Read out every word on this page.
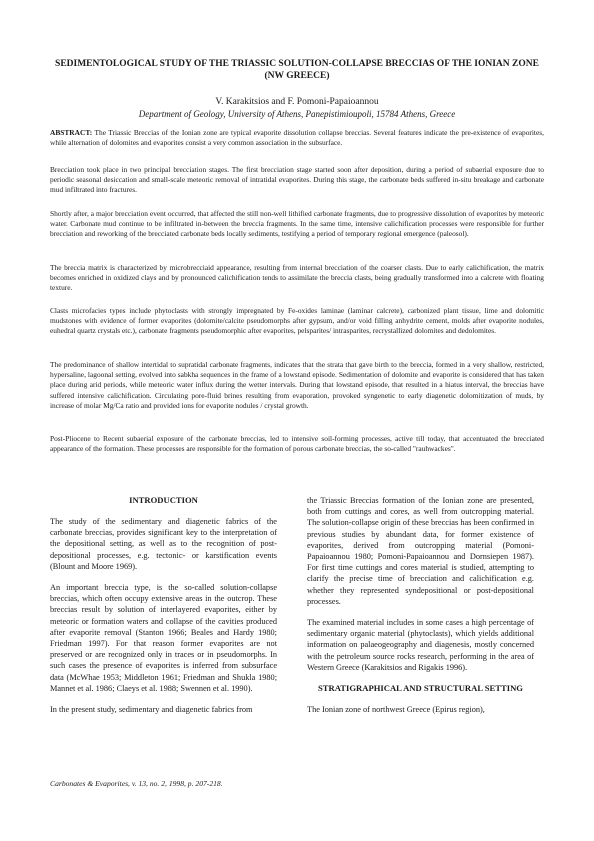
SEDIMENTOLOGICAL STUDY OF THE TRIASSIC SOLUTION-COLLAPSE BRECCIAS OF THE IONIAN ZONE (NW GREECE)
V. Karakitsios and F. Pomoni-Papaioannou
Department of Geology, University of Athens, Panepistimioupoli, 15784 Athens, Greece

ABSTRACT: The Triassic Breccias of the Ionian zone are typical evaporite dissolution collapse breccias. Several features indicate the pre-existence of evaporites, while alternation of dolomites and evaporites consist a very common association in the subsurface.

Brecciation took place in two principal brecciation stages. The first brecciation stage started soon after deposition, during a period of subaerial exposure due to periodic seasonal desiccation and small-scale meteoric removal of intratidal evaporites. During this stage, the carbonate beds suffered in-situ breakage and carbonate mud infiltrated into fractures.

Shortly after, a major brecciation event occurred, that affected the still non-well lithified carbonate fragments, due to progressive dissolution of evaporites by meteoric water. Carbonate mud continue to be infiltrated in-between the breccia fragments. In the same time, intensive calichification processes were responsible for further brecciation and reworking of the brecciated carbonate beds locally sediments, testifying a period of temporary regional emergence (paleosol).

The breccia matrix is characterized by microbrecciaid appearance, resulting from internal brecciation of the coarser clasts. Due to early calichification, the matrix becomes enriched in oxidized clays and by pronounced calichification tends to assimilate the breccia clasts, being gradually transformed into a calcrete with floating texture.

Clasts microfacies types include phytoclasts with strongly impregnated by Fe-oxides laminae (laminar calcrete), carbonized plant tissue, lime and dolomitic mudstones with evidence of former evaporites (dolomite/calcite pseudomorphs after gypsum, and/or void filling anhydrite cement, molds after evaporite nodules, euhedral quartz crystals etc.), carbonate fragments pseudomorphic after evaporites, pelsparites/ intrasparites, recrystallized dolomites and dedolomites.

The predominance of shallow intertidal to supratidal carbonate fragments, indicates that the strata that gave birth to the breccia, formed in a very shallow, restricted, hypersaline, lagoonal setting, evolved into sabkha sequences in the frame of a lowstand episode. Sedimentation of dolomite and evaporite is considered that has taken place during arid periods, while meteoric water influx during the wetter intervals. During that lowstand episode, that resulted in a hiatus interval, the breccias have suffered intensive calichification. Circulating pore-fluid brines resulting from evaporation, provoked syngenetic to early diagenetic dolomitization of muds, by increase of molar Mg/Ca ratio and provided ions for evaporite nodules / crystal growth.

Post-Pliocene to Recent subaerial exposure of the carbonate breccias, led to intensive soil-forming processes, active till today, that accentuated the brecciated appearance of the formation. These processes are responsible for the formation of porous carbonate breccias, the so-called "rauhwackes".

INTRODUCTION

The study of the sedimentary and diagenetic fabrics of the carbonate breccias, provides significant key to the interpretation of the depositional setting, as well as to the recognition of post-depositional processes, e.g. tectonic- or karstification events (Blount and Moore 1969).

An important breccia type, is the so-called solution-collapse breccias, which often occupy extensive areas in the outcrop. These breccias result by solution of interlayered evaporites, either by meteoric or formation waters and collapse of the cavities produced after evaporite removal (Stanton 1966; Beales and Hardy 1980; Friedman 1997). For that reason former evaporites are not preserved or are recognized only in traces or in pseudomorphs. In such cases the presence of evaporites is inferred from subsurface data (McWhae 1953; Middleton 1961; Friedman and Shukla 1980; Mannet et al. 1986; Claeys et al. 1988; Swennen et al. 1990).

In the present study, sedimentary and diagenetic fabrics from

the Triassic Breccias formation of the Ionian zone are presented, both from cuttings and cores, as well from outcropping material. The solution-collapse origin of these breccias has been confirmed in previous studies by abundant data, for former existence of evaporites, derived from outcropping material (Pomoni-Papaioannou 1980; Pomoni-Papaioannou and Dornsiepen 1987). For first time cuttings and cores material is studied, attempting to clarify the precise time of brecciation and calichification e.g. whether they represented syndepositional or post-depositional processes.

The examined material includes in some cases a high percentage of sedimentary organic material (phytoclasts), which yields additional information on palaeogeography and diagenesis, mostly concerned with the petroleum source rocks research, performing in the area of Western Greece (Karakitsios and Rigakis 1996).

STRATIGRAPHICAL AND STRUCTURAL SETTING

The Ionian zone of northwest Greece (Epirus region),

Carbonates & Evaporites, v. 13, no. 2, 1998, p. 207-218.
